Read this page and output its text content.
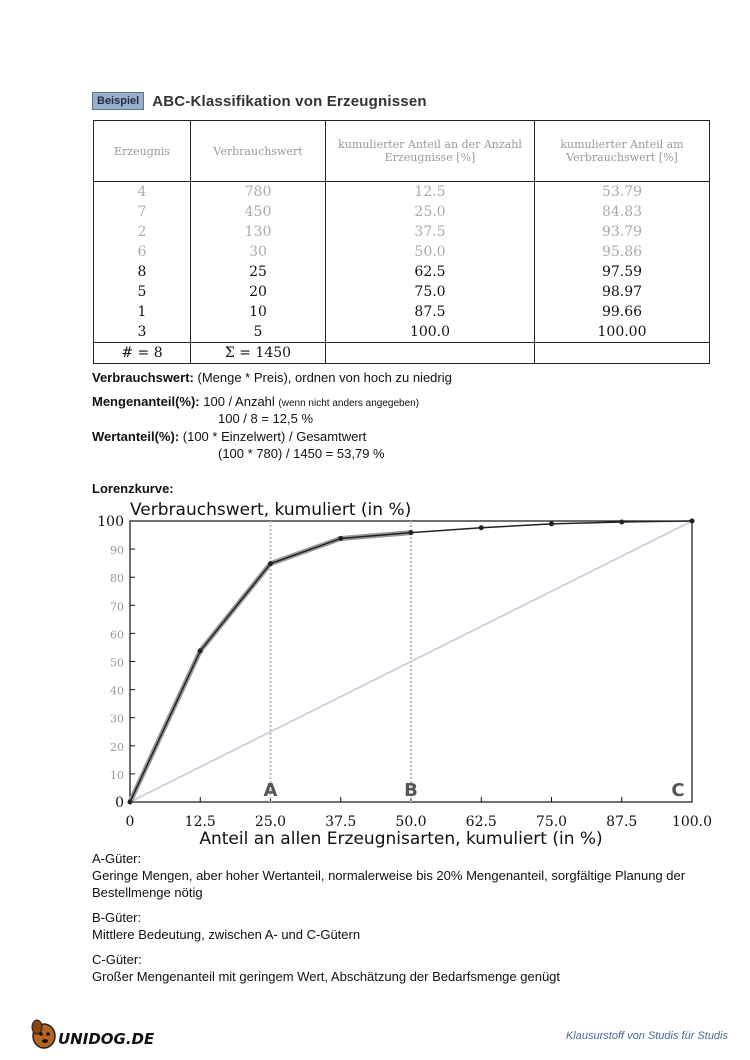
Beispiel ABC-Klassifikation von Erzeugnissen
Erzeugnis	Verbrauchswert	kumulierter Anteil an der Anzahl Erzeugnisse [%]	kumulierter Anteil am Verbrauchswert [%]
4	780	12.5	53.79
7	450	25.0	84.83
2	130	37.5	93.79
6	30	50.0	95.86
8	25	62.5	97.59
5	20	75.0	98.97
1	10	87.5	99.66
3	5	100.0	100.00
# = 8	Σ = 1450		
Verbrauchswert: (Menge * Preis), ordnen von hoch zu niedrig
Mengenanteil(%): 100 / Anzahl (wenn nicht anders angegeben)
100 / 8 = 12,5 %
Wertanteil(%): (100 * Einzelwert) / Gesamtwert
(100 * 780) / 1450 = 53,79 %
Lorenzkurve:
Verbrauchswert, kumuliert (in %)
0
10
20
30
40
50
60
70
80
90
100
0	12.5	25.0	37.5	50.0	62.5	75.0	87.5 100.0
Anteil an allen Erzeugnisarten, kumuliert (in %)
A	B	C
A-Güter:
Geringe Mengen, aber hoher Wertanteil, normalerweise bis 20% Mengenanteil, sorgfältige Planung der Bestellmenge nötig
B-Güter:
Mittlere Bedeutung, zwischen A- und C-Gütern
C-Güter:
Großer Mengenanteil mit geringem Wert, Abschätzung der Bedarfsmenge genügt
UNIDOG.DE	Klausurstoff von Studis für Studis
